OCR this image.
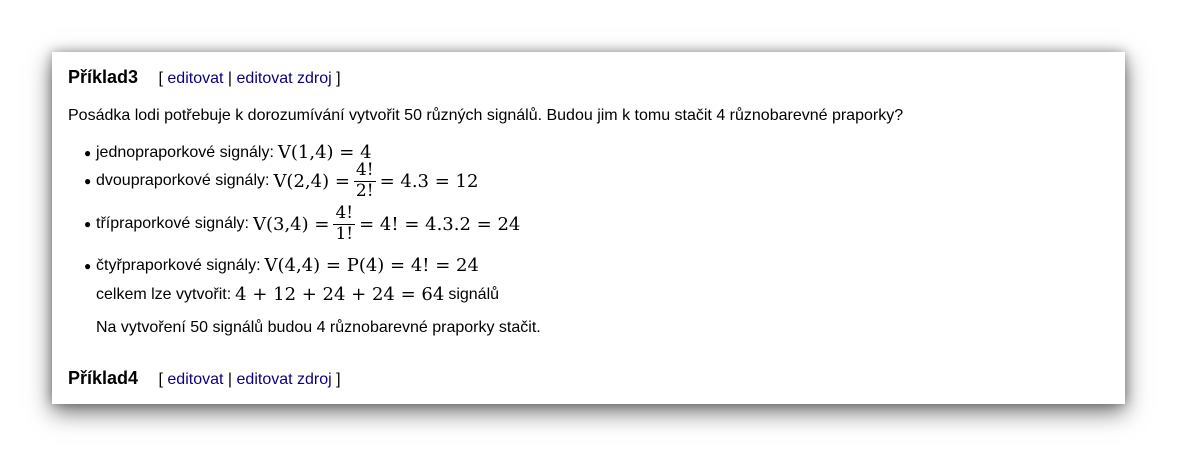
Příklad3 [ editovat | editovat zdroj ]
Posádka lodi potřebuje k dorozumívání vytvořit 50 různých signálů. Budou jim k tomu stačit 4 různobarevné praporky?
● jednopraporkové signály: V(1,4) = 4
● dvoupraporkové signály: $V(2,4) = \frac{4!}{2!} = 4.3 = 12$
● třípraporkové signály: $V(3,4) = \frac{4!}{1!} = 4$! = 4.3.2 = 24
● čtyřpraporkové signály: V(4,4) = P(4) = 4! = 24
celkem lze vytvořit: 4 + 12 + 24 + 24 = 64 signálů
Na vytvoření 50 signálů budou 4 různobarevné praporky stačit.
Příklad4 [ editovat | editovat zdroj ]
